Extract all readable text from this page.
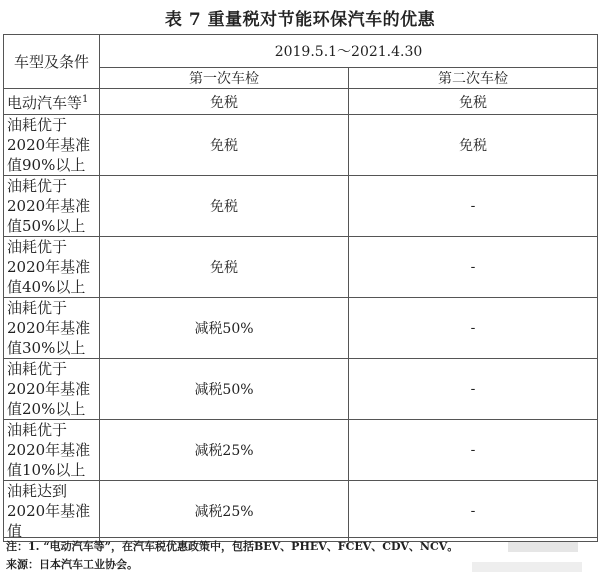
表 7 重量税对节能环保汽车的优惠
车型及条件	2019.5.1～2021.4.30	
	第一次车检	第二次车检
电动汽车等$^1$	免税	免税

油耗优于
2020年基准
值90%以上	免税	免税

油耗优于
2020年基准
值50%以上	免税	-

油耗优于
2020年基准
值40%以上	免税	-

油耗优于
2020年基准
值30%以上	减税50%	-

油耗优于
2020年基准
值20%以上	减税50%	-

油耗优于
2020年基准
值10%以上	减税25%	-

油耗达到
2020年基准
值	减税25%	-
注：1. “电动汽车等”，在汽车税优惠政策中，包括BEV、PHEV、FCEV、CDV、NCV。
来源：日本汽车工业协会。
